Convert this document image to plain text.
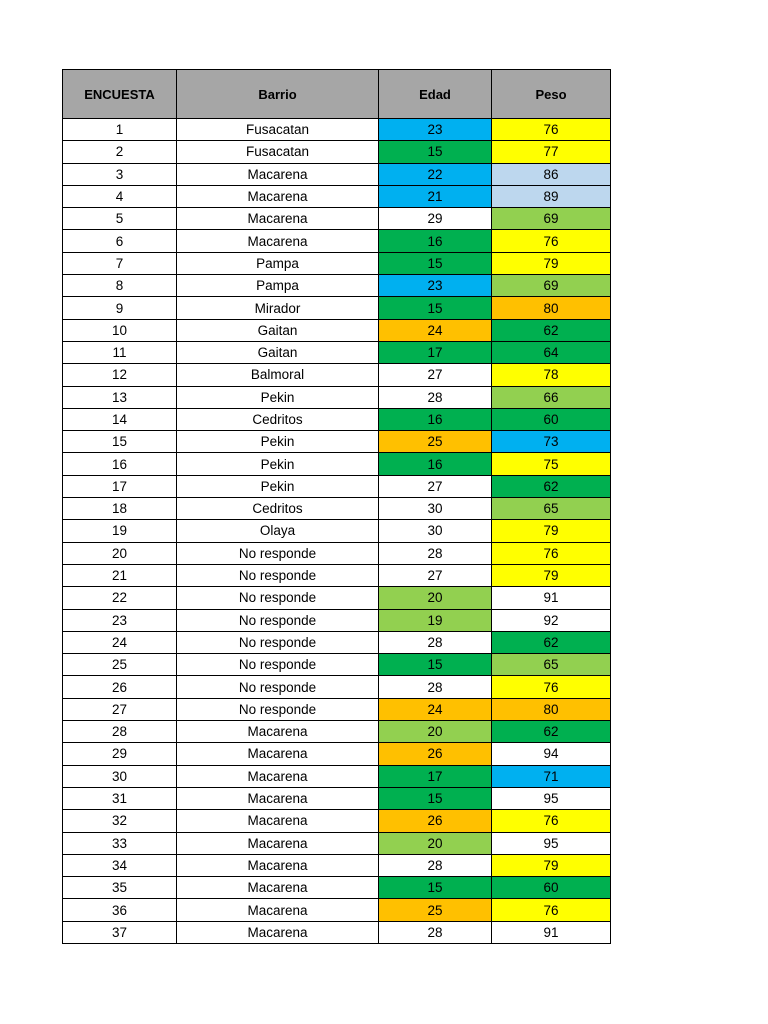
ENCUESTA	Barrio	Edad	Peso
1	Fusacatan	23	76
2	Fusacatan	15	77
3	Macarena	22	86
4	Macarena	21	89
5	Macarena	29	69
6	Macarena	16	76
7	Pampa	15	79
8	Pampa	23	69
9	Mirador	15	80
10	Gaitan	24	62
11	Gaitan	17	64
12	Balmoral	27	78
13	Pekin	28	66
14	Cedritos	16	60
15	Pekin	25	73
16	Pekin	16	75
17	Pekin	27	62
18	Cedritos	30	65
19	Olaya	30	79
20	No responde	28	76
21	No responde	27	79
22	No responde	20	91
23	No responde	19	92
24	No responde	28	62
25	No responde	15	65
26	No responde	28	76
27	No responde	24	80
28	Macarena	20	62
29	Macarena	26	94
30	Macarena	17	71
31	Macarena	15	95
32	Macarena	26	76
33	Macarena	20	95
34	Macarena	28	79
35	Macarena	15	60
36	Macarena	25	76
37	Macarena	28	91
